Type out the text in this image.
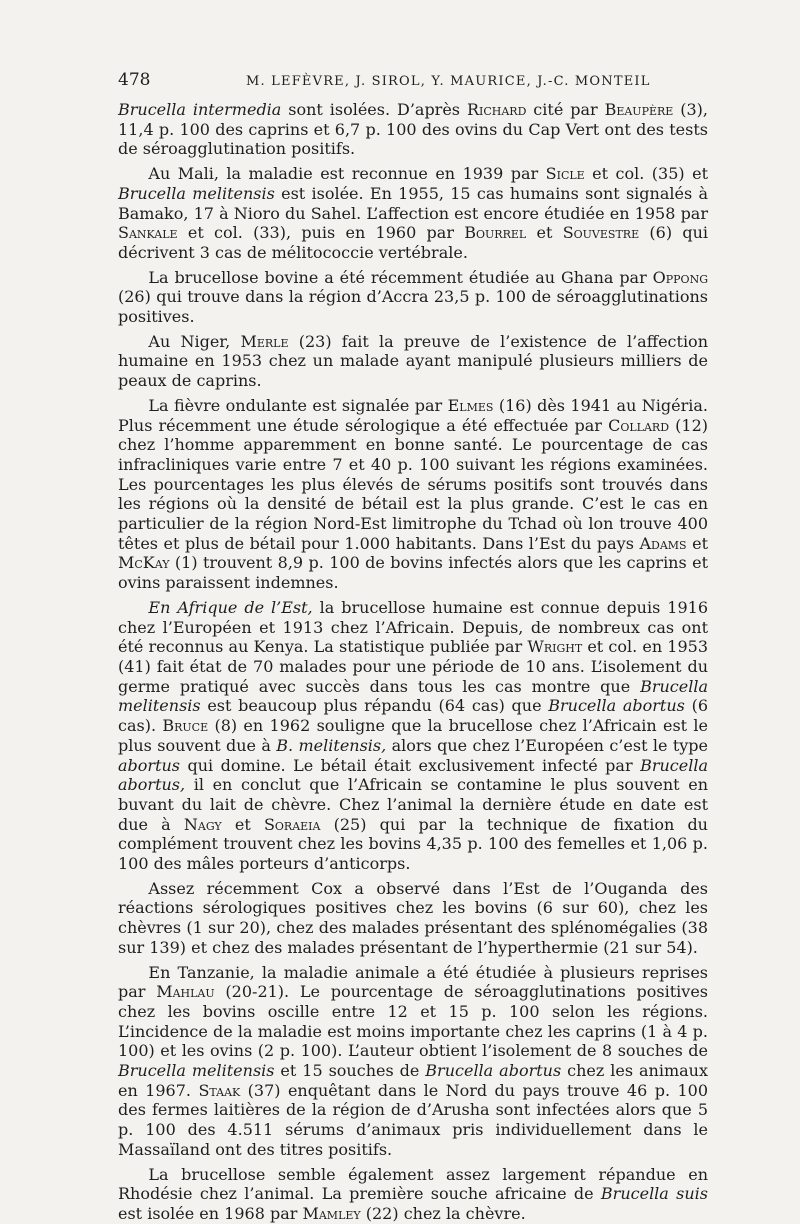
478	M. LEFÈVRE, J. SIROL, Y. MAURICE, J.-C. MONTEIL

Brucella intermedia sont isolées. D’après Richard cité par Beaupère (3), 11,4 p. 100 des caprins et 6,7 p. 100 des ovins du Cap Vert ont des tests de séroagglutination positifs.

Au Mali, la maladie est reconnue en 1939 par Sicle et col. (35) et Brucella melitensis est isolée. En 1955, 15 cas humains sont signalés à Bamako, 17 à Nioro du Sahel. L’affection est encore étudiée en 1958 par Sankale et col. (33), puis en 1960 par Bourrel et Souvestre (6) qui décrivent 3 cas de mélitococcie vertébrale.

La brucellose bovine a été récemment étudiée au Ghana par Oppong (26) qui trouve dans la région d’Accra 23,5 p. 100 de séroagglutinations positives.

Au Niger, Merle (23) fait la preuve de l’existence de l’affection humaine en 1953 chez un malade ayant manipulé plusieurs milliers de peaux de caprins.

La fièvre ondulante est signalée par Elmes (16) dès 1941 au Nigéria. Plus récemment une étude sérologique a été effectuée par Collard (12) chez l’homme apparemment en bonne santé. Le pourcentage de cas infracliniques varie entre 7 et 40 p. 100 suivant les régions examinées. Les pourcentages les plus élevés de sérums positifs sont trouvés dans les régions où la densité de bétail est la plus grande. C’est le cas en particulier de la région Nord-Est limitrophe du Tchad où lon trouve 400 têtes et plus de bétail pour 1.000 habitants. Dans l’Est du pays Adams et McKay (1) trouvent 8,9 p. 100 de bovins infectés alors que les caprins et ovins paraissent indemnes.

En Afrique de l’Est, la brucellose humaine est connue depuis 1916 chez l’Européen et 1913 chez l’Africain. Depuis, de nombreux cas ont été reconnus au Kenya. La statistique publiée par Wright et col. en 1953 (41) fait état de 70 malades pour une période de 10 ans. L’isolement du germe pratiqué avec succès dans tous les cas montre que Brucella melitensis est beaucoup plus répandu (64 cas) que Brucella abortus (6 cas). Bruce (8) en 1962 souligne que la brucellose chez l’Africain est le plus souvent due à B. melitensis, alors que chez l’Européen c’est le type abortus qui domine. Le bétail était exclusivement infecté par Brucella abortus, il en conclut que l’Africain se contamine le plus souvent en buvant du lait de chèvre. Chez l’animal la dernière étude en date est due à Nagy et Soraeia (25) qui par la technique de fixation du complément trouvent chez les bovins 4,35 p. 100 des femelles et 1,06 p. 100 des mâles porteurs d’anticorps.

Assez récemment Cox a observé dans l’Est de l’Ouganda des réactions sérologiques positives chez les bovins (6 sur 60), chez les chèvres (1 sur 20), chez des malades présentant des splénomégalies (38 sur 139) et chez des malades présentant de l’hyperthermie (21 sur 54).

En Tanzanie, la maladie animale a été étudiée à plusieurs reprises par Mahlau (20-21). Le pourcentage de séroagglutinations positives chez les bovins oscille entre 12 et 15 p. 100 selon les régions. L’incidence de la maladie est moins importante chez les caprins (1 à 4 p. 100) et les ovins (2 p. 100). L’auteur obtient l’isolement de 8 souches de Brucella melitensis et 15 souches de Brucella abortus chez les animaux en 1967. Staak (37) enquêtant dans le Nord du pays trouve 46 p. 100 des fermes laitières de la région de d’Arusha sont infectées alors que 5 p. 100 des 4.511 sérums d’animaux pris individuellement dans le Massaïland ont des titres positifs.

La brucellose semble également assez largement répandue en Rhodésie chez l’animal. La première souche africaine de Brucella suis est isolée en 1968 par Mamley (22) chez la chèvre.
